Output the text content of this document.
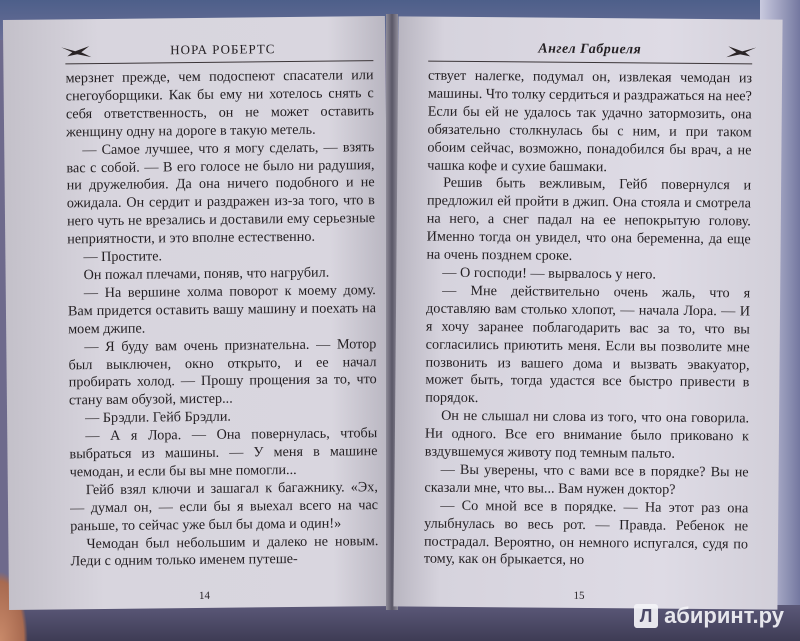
НОРА РОБЕРТС

мерзнет прежде, чем подоспеют спасатели или снегоуборщики. Как бы ему ни хотелось снять с себя ответственность, он не может оставить женщину одну на дороге в такую метель.

— Самое лучшее, что я могу сделать, — взять вас с собой. — В его голосе не было ни радушия, ни дружелюбия. Да она ничего подобного и не ожидала. Он сердит и раздражен из-за того, что в него чуть не врезались и доставили ему серьезные неприятности, и это вполне естественно.

— Простите.

Он пожал плечами, поняв, что нагрубил.

— На вершине холма поворот к моему дому. Вам придется оставить вашу машину и поехать на моем джипе.

— Я буду вам очень признательна. — Мотор был выключен, окно открыто, и ее начал пробирать холод. — Прошу прощения за то, что стану вам обузой, мистер...

— Брэдли. Гейб Брэдли.

— А я Лора. — Она повернулась, чтобы выбраться из машины. — У меня в машине чемодан, и если бы вы мне помогли...

Гейб взял ключи и зашагал к багажнику. «Эх, — думал он, — если бы я выехал всего на час раньше, то сейчас уже был бы дома и один!»

Чемодан был небольшим и далеко не новым. Леди с одним только именем путеше-

14
Ангел Габриеля

ствует налегке, подумал он, извлекая чемодан из машины. Что толку сердиться и раздражаться на нее? Если бы ей не удалось так удачно затормозить, она обязательно столкнулась бы с ним, и при таком обоим сейчас, возможно, понадобился бы врач, а не чашка кофе и сухие башмаки.

Решив быть вежливым, Гейб повернулся и предложил ей пройти в джип. Она стояла и смотрела на него, а снег падал на ее непокрытую голову. Именно тогда он увидел, что она беременна, да еще на очень позднем сроке.

— О господи! — вырвалось у него.

— Мне действительно очень жаль, что я доставляю вам столько хлопот, — начала Лора. — И я хочу заранее поблагодарить вас за то, что вы согласились приютить меня. Если вы позволите мне позвонить из вашего дома и вызвать эвакуатор, может быть, тогда удастся все быстро привести в порядок.

Он не слышал ни слова из того, что она говорила. Ни одного. Все его внимание было приковано к вздувшемуся животу под темным пальто.

— Вы уверены, что с вами все в порядке? Вы не сказали мне, что вы... Вам нужен доктор?

— Со мной все в порядке. — На этот раз она улыбнулась во весь рот. — Правда. Ребенок не пострадал. Вероятно, он немного испугался, судя по тому, как он брыкается, но

15
Л абиринт.ру
